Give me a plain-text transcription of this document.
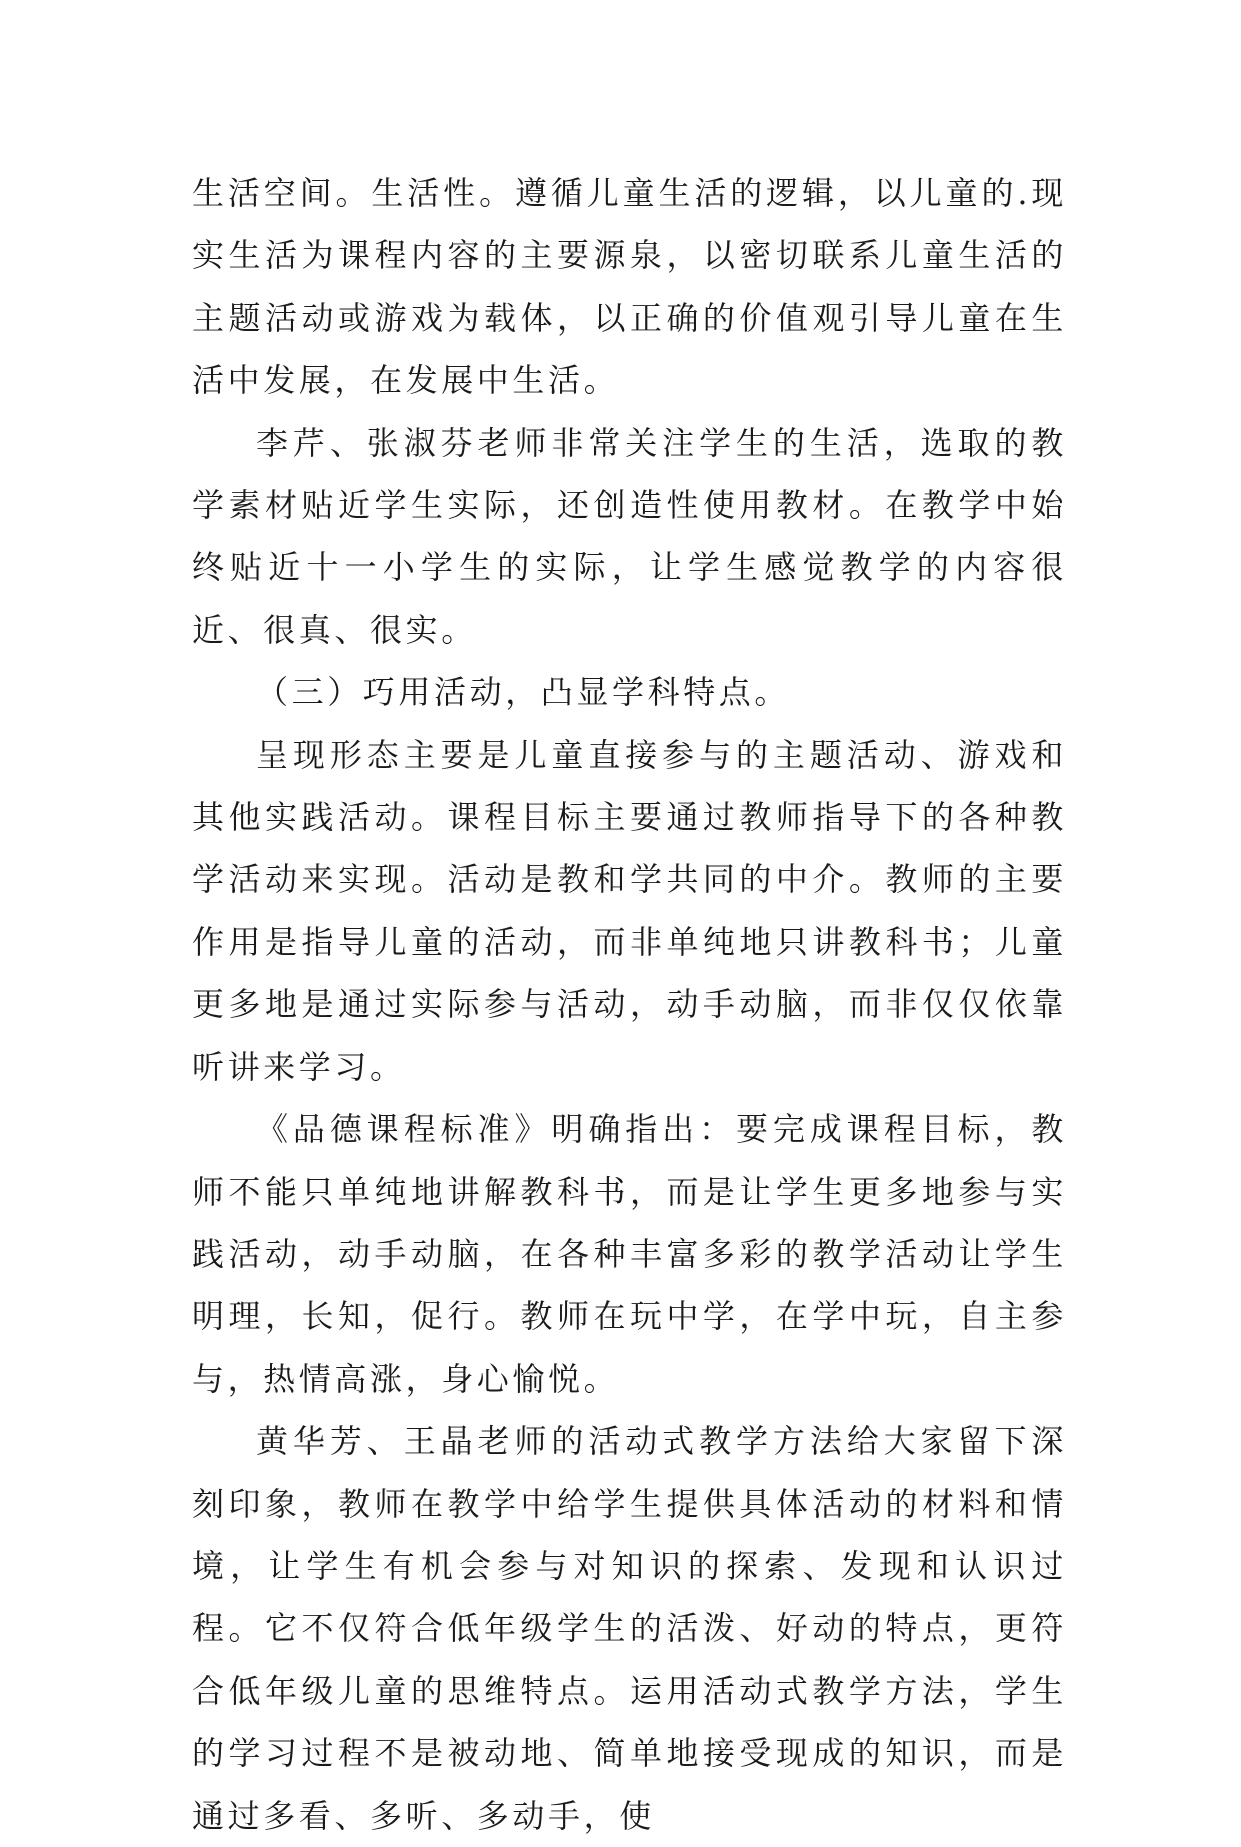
生活空间。生活性。遵循儿童生活的逻辑，以儿童的.现实生活为课程内容的主要源泉，以密切联系儿童生活的主题活动或游戏为载体，以正确的价值观引导儿童在生活中发展，在发展中生活。

李芹、张淑芬老师非常关注学生的生活，选取的教学素材贴近学生实际，还创造性使用教材。在教学中始终贴近十一小学生的实际，让学生感觉教学的内容很近、很真、很实。

（三）巧用活动，凸显学科特点。

呈现形态主要是儿童直接参与的主题活动、游戏和其他实践活动。课程目标主要通过教师指导下的各种教学活动来实现。活动是教和学共同的中介。教师的主要作用是指导儿童的活动，而非单纯地只讲教科书；儿童更多地是通过实际参与活动，动手动脑，而非仅仅依靠听讲来学习。

《品德课程标准》明确指出：要完成课程目标，教师不能只单纯地讲解教科书，而是让学生更多地参与实践活动，动手动脑，在各种丰富多彩的教学活动让学生明理，长知，促行。教师在玩中学，在学中玩，自主参与，热情高涨，身心愉悦。

黄华芳、王晶老师的活动式教学方法给大家留下深刻印象，教师在教学中给学生提供具体活动的材料和情境，让学生有机会参与对知识的探索、发现和认识过程。它不仅符合低年级学生的活泼、好动的特点，更符合低年级儿童的思维特点。运用活动式教学方法，学生的学习过程不是被动地、简单地接受现成的知识，而是通过多看、多听、多动手，使
